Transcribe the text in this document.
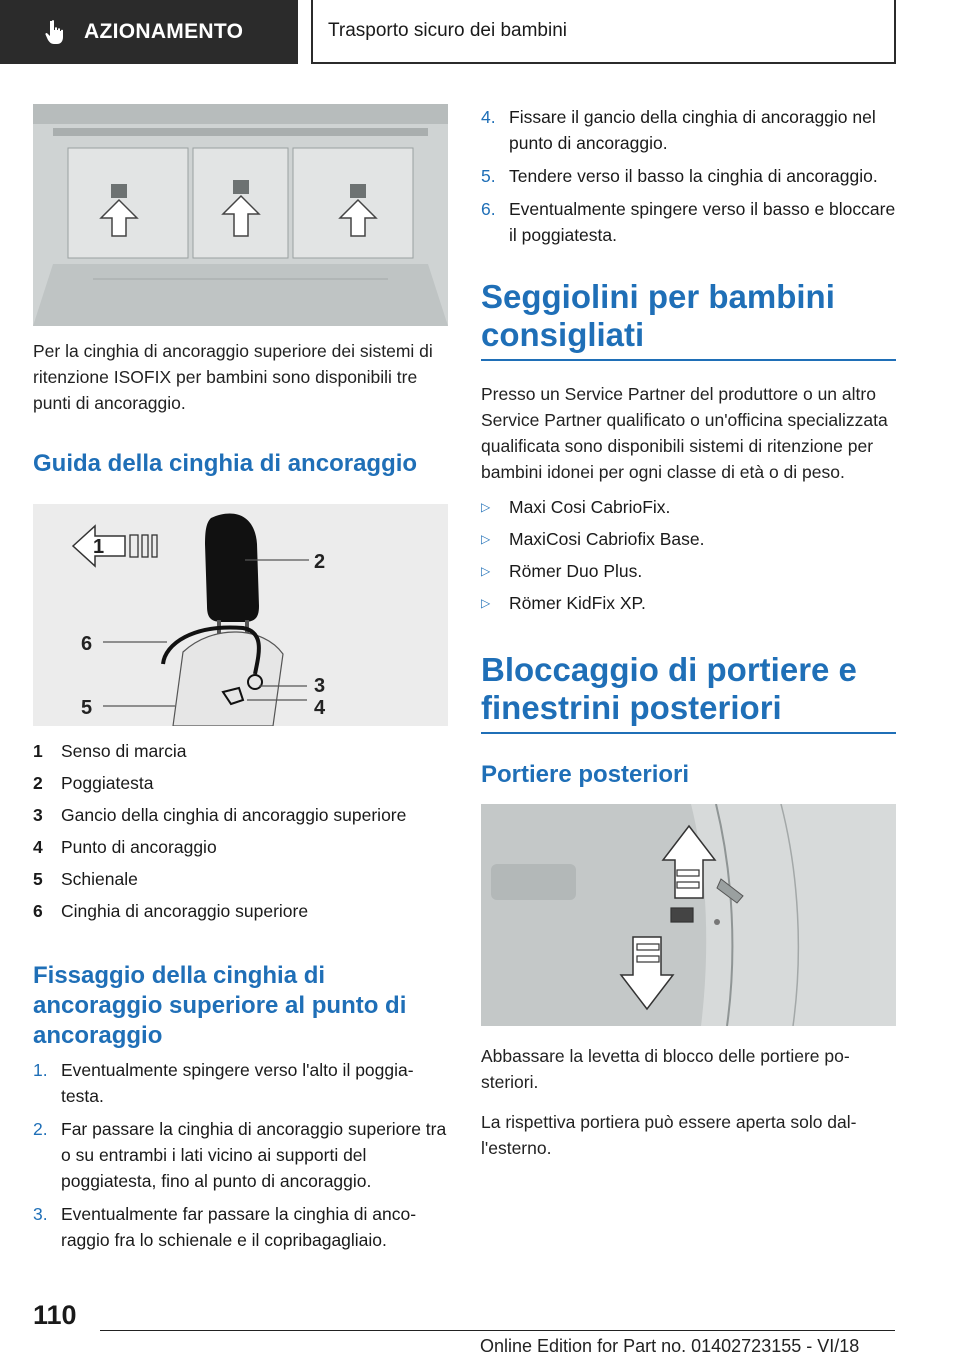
AZIONAMENTO	Trasporto sicuro dei bambini

Per la cinghia di ancoraggio superiore dei sistemi di ritenzione ISOFIX per bambini sono disponibili tre punti di ancoraggio.

Guida della cinghia di ancoraggio
1
2
3
4
5
6
1	Senso di marcia
2	Poggiatesta
3	Gancio della cinghia di ancoraggio superiore
4	Punto di ancoraggio
5	Schienale
6	Cinghia di ancoraggio superiore
Fissaggio della cinghia di ancoraggio superiore al punto di ancoraggio
1. Eventualmente spingere verso l'alto il poggiatesta.
2. Far passare la cinghia di ancoraggio superiore tra o su entrambi i lati vicino ai supporti del poggiatesta, fino al punto di ancoraggio.
3. Eventualmente far passare la cinghia di ancoraggio fra lo schienale e il copribagagliaio.
4. Fissare il gancio della cinghia di ancoraggio nel punto di ancoraggio.
5. Tendere verso il basso la cinghia di ancoraggio.
6. Eventualmente spingere verso il basso e bloccare il poggiatesta.
Seggiolini per bambini consigliati

Presso un Service Partner del produttore o un altro Service Partner qualificato o un'officina specializzata qualificata sono disponibili sistemi di ritenzione per bambini idonei per ogni classe di età o di peso.

▷	Maxi Cosi CabrioFix.
▷	MaxiCosi Cabriofix Base.
▷	Römer Duo Plus.
▷	Römer KidFix XP.
Bloccaggio di portiere e finestrini posteriori
Portiere posteriori

Abbassare la levetta di blocco delle portiere posteriori.

La rispettiva portiera può essere aperta solo dall'esterno.

110
Online Edition for Part no. 01402723155 - VI/18
